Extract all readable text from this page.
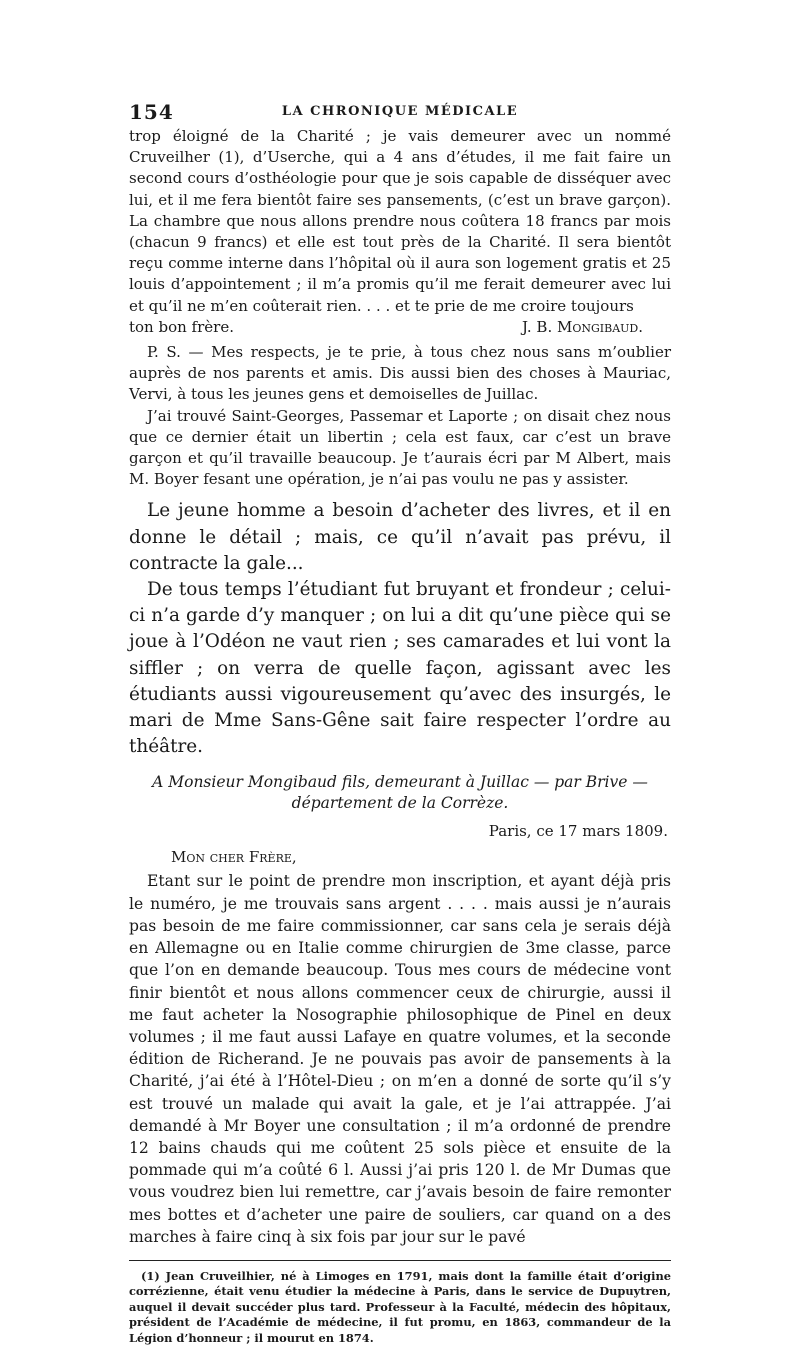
154	LA CHRONIQUE MÉDICALE

trop éloigné de la Charité ; je vais demeurer avec un nommé Cruveilher (1), d’Userche, qui a 4 ans d’études, il me fait faire un second cours d’osthéologie pour que je sois capable de disséquer avec lui, et il me fera bientôt faire ses pansements, (c’est un brave garçon). La chambre que nous allons prendre nous coûtera 18 francs par mois (chacun 9 francs) et elle est tout près de la Charité. Il sera bientôt reçu comme interne dans l’hôpital où il aura son logement gratis et 25 louis d’appointement ; il m’a promis qu’il me ferait demeurer avec lui et qu’il ne m’en coûterait rien. . . . et te prie de me croire toujours

ton bon frère.	J. B. Mongibaud.

P. S. — Mes respects, je te prie, à tous chez nous sans m’oublier auprès de nos parents et amis. Dis aussi bien des choses à Mauriac, Vervi, à tous les jeunes gens et demoiselles de Juillac.

J’ai trouvé Saint-Georges, Passemar et Laporte ; on disait chez nous que ce dernier était un libertin ; cela est faux, car c’est un brave garçon et qu’il travaille beaucoup. Je t’aurais écri par M Albert, mais M. Boyer fesant une opération, je n’ai pas voulu ne pas y assister.

Le jeune homme a besoin d’acheter des livres, et il en donne le détail ; mais, ce qu’il n’avait pas prévu, il contracte la gale...

De tous temps l’étudiant fut bruyant et frondeur ; celui-ci n’a garde d’y manquer ; on lui a dit qu’une pièce qui se joue à l’Odéon ne vaut rien ; ses camarades et lui vont la siffler ; on verra de quelle façon, agissant avec les étudiants aussi vigoureusement qu’avec des insurgés, le mari de Mme Sans-Gêne sait faire respecter l’ordre au théâtre.

A Monsieur Mongibaud fils, demeurant à Juillac — par Brive — département de la Corrèze.
Paris, ce 17 mars 1809.
Mon cher Frère,

Etant sur le point de prendre mon inscription, et ayant déjà pris le numéro, je me trouvais sans argent . . . . mais aussi je n’aurais pas besoin de me faire commissionner, car sans cela je serais déjà en Allemagne ou en Italie comme chirurgien de 3me classe, parce que l’on en demande beaucoup. Tous mes cours de médecine vont finir bientôt et nous allons commencer ceux de chirurgie, aussi il me faut acheter la Nosographie philosophique de Pinel en deux volumes ; il me faut aussi Lafaye en quatre volumes, et la seconde édition de Richerand. Je ne pouvais pas avoir de pansements à la Charité, j’ai été à l’Hôtel-Dieu ; on m’en a donné de sorte qu’il s’y est trouvé un malade qui avait la gale, et je l’ai attrappée. J’ai demandé à Mr Boyer une consultation ; il m’a ordonné de prendre 12 bains chauds qui me coûtent 25 sols pièce et ensuite de la pommade qui m’a coûté 6 l. Aussi j’ai pris 120 l. de Mr Dumas que vous voudrez bien lui remettre, car j’avais besoin de faire remonter mes bottes et d’acheter une paire de souliers, car quand on a des marches à faire cinq à six fois par jour sur le pavé

(1) Jean Cruveilhier, né à Limoges en 1791, mais dont la famille était d’origine corrézienne, était venu étudier la médecine à Paris, dans le service de Dupuytren, auquel il devait succéder plus tard. Professeur à la Faculté, médecin des hôpitaux, président de l’Académie de médecine, il fut promu, en 1863, commandeur de la Légion d’honneur ; il mourut en 1874.
